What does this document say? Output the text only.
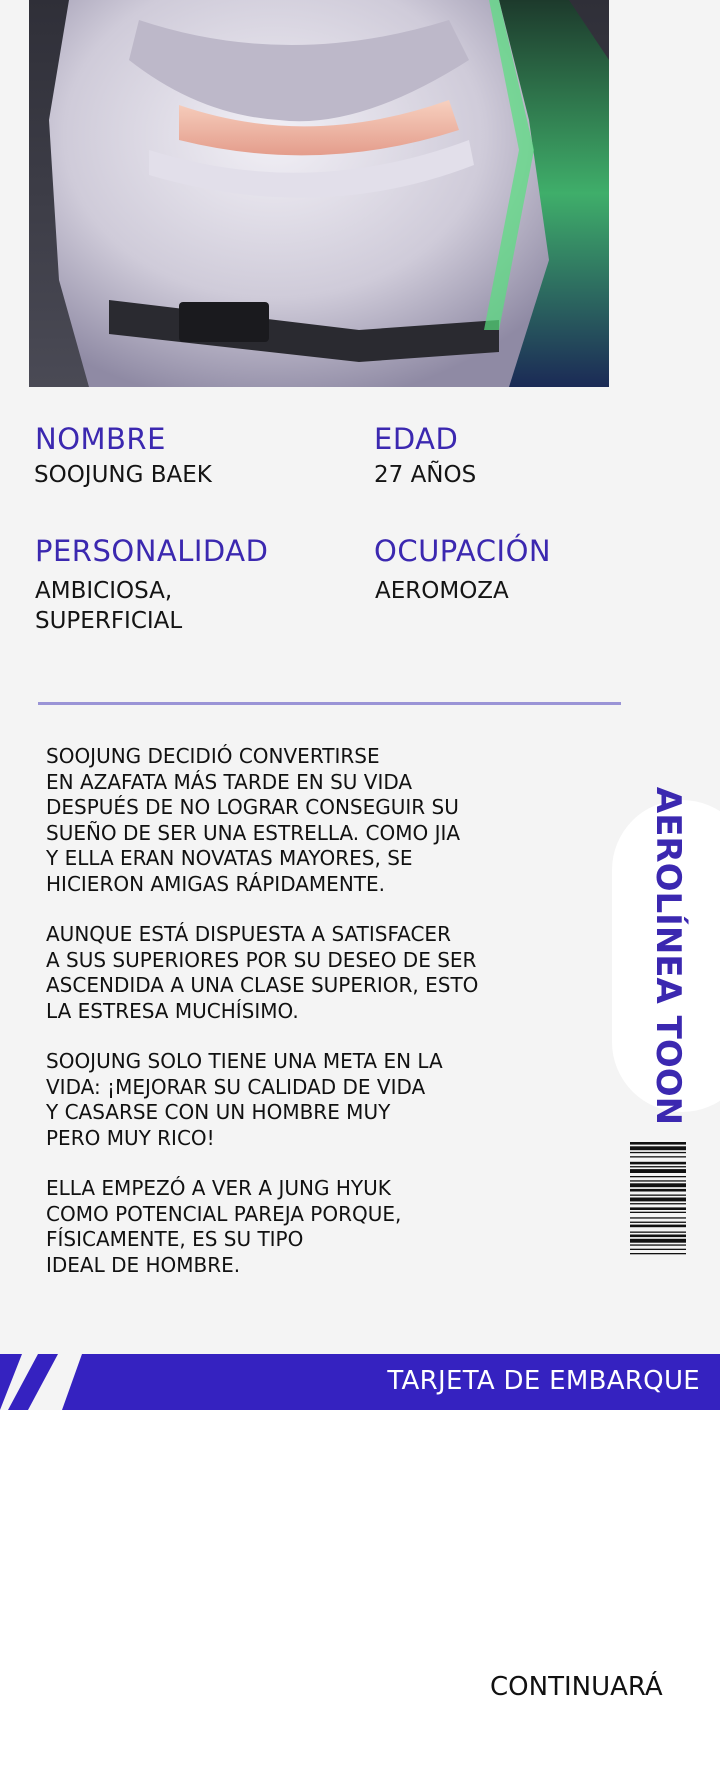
NOMBRE
SOOJUNG BAEK
EDAD
27 AÑOS
PERSONALIDAD
AMBICIOSA, SUPERFICIAL
OCUPACIÓN
AEROMOZA

SOOJUNG DECIDIÓ CONVERTIRSE
EN AZAFATA MÁS TARDE EN SU VIDA
DESPUÉS DE NO LOGRAR CONSEGUIR SU
SUEÑO DE SER UNA ESTRELLA. COMO JIA
Y ELLA ERAN NOVATAS MAYORES, SE
HICIERON AMIGAS RÁPIDAMENTE.

AUNQUE ESTÁ DISPUESTA A SATISFACER
A SUS SUPERIORES POR SU DESEO DE SER
ASCENDIDA A UNA CLASE SUPERIOR, ESTO
LA ESTRESA MUCHÍSIMO.

SOOJUNG SOLO TIENE UNA META EN LA
VIDA: ¡MEJORAR SU CALIDAD DE VIDA
Y CASARSE CON UN HOMBRE MUY
PERO MUY RICO!

ELLA EMPEZÓ A VER A JUNG HYUK
COMO POTENCIAL PAREJA PORQUE,
FÍSICAMENTE, ES SU TIPO
IDEAL DE HOMBRE.

AEROLÍNEA TOON
TARJETA DE EMBARQUE
CONTINUARÁ
